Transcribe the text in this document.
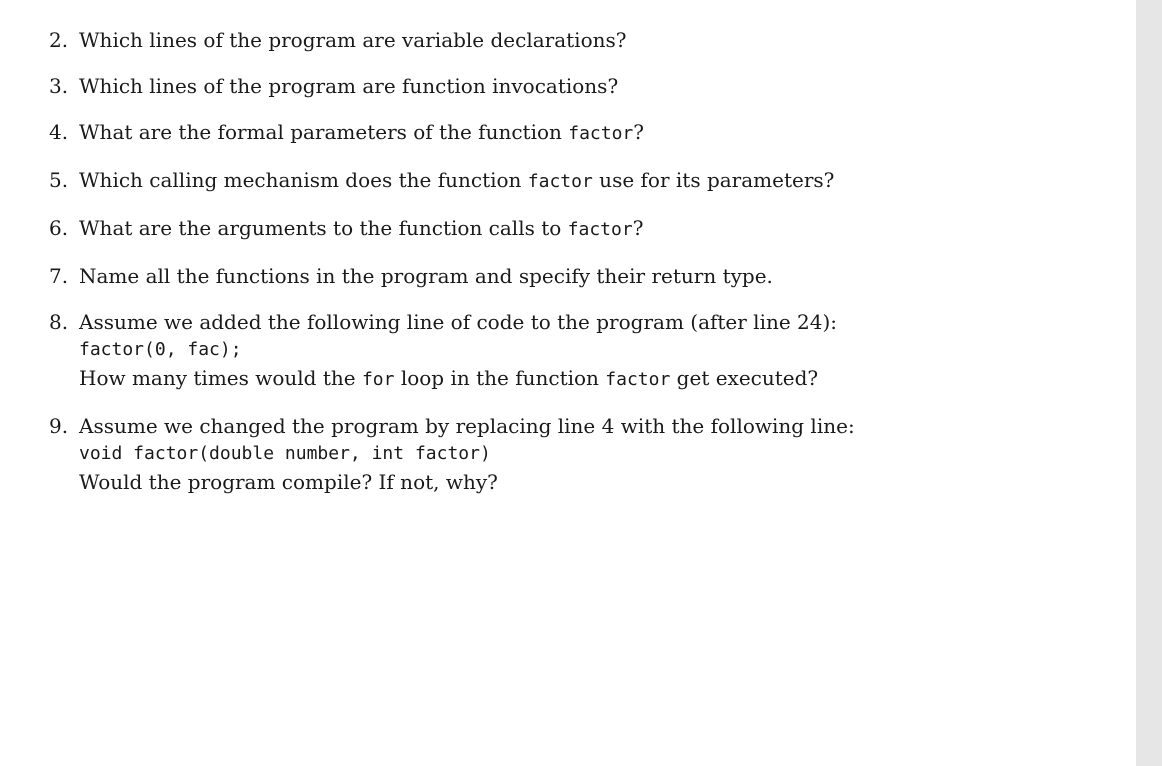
2. Which lines of the program are variable declarations?
3. Which lines of the program are function invocations?
4. What are the formal parameters of the function factor?
5. Which calling mechanism does the function factor use for its parameters?
6. What are the arguments to the function calls to factor?
7. Name all the functions in the program and specify their return type.
8. Assume we added the following line of code to the program (after line 24):
factor(0, fac);
How many times would the for loop in the function factor get executed?
9. Assume we changed the program by replacing line 4 with the following line:
void factor(double number, int factor)
Would the program compile? If not, why?
